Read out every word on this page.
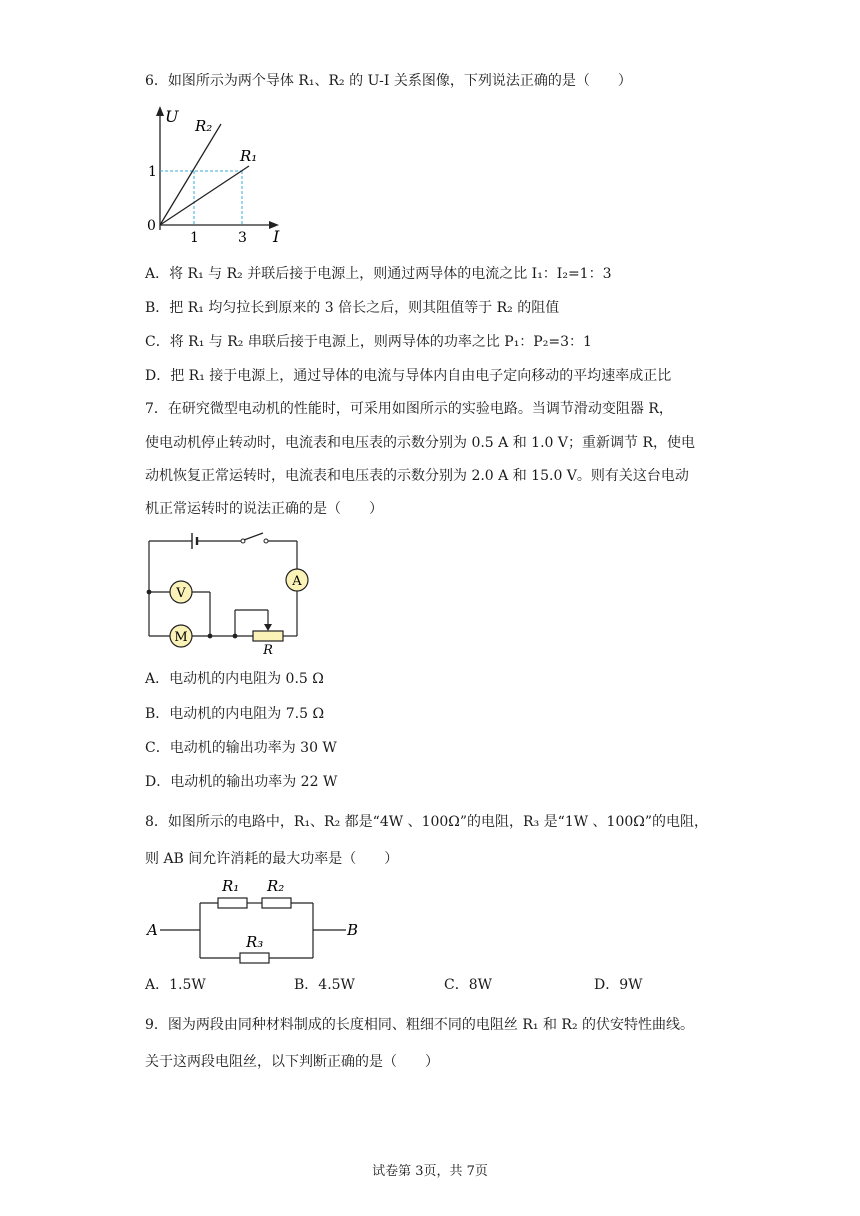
6．如图所示为两个导体 R₁、R₂ 的 U-I 关系图像，下列说法正确的是（　　）
U
I
0
1
1	3
R₂
R₁
A．将 R₁ 与 R₂ 并联后接于电源上，则通过两导体的电流之比 I₁：I₂=1：3
B．把 R₁ 均匀拉长到原来的 3 倍长之后，则其阻值等于 R₂ 的阻值
C．将 R₁ 与 R₂ 串联后接于电源上，则两导体的功率之比 P₁：P₂=3：1
D．把 R₁ 接于电源上，通过导体的电流与导体内自由电子定向移动的平均速率成正比
7．在研究微型电动机的性能时，可采用如图所示的实验电路。当调节滑动变阻器 R，
使电动机停止转动时，电流表和电压表的示数分别为 0.5 A 和 1.0 V；重新调节 R，使电
动机恢复正常运转时，电流表和电压表的示数分别为 2.0 A 和 15.0 V。则有关这台电动
机正常运转时的说法正确的是（　　）
A
V
M
R
A．电动机的内电阻为 0.5 Ω
B．电动机的内电阻为 7.5 Ω
C．电动机的输出功率为 30 W
D．电动机的输出功率为 22 W
8．如图所示的电路中，R₁、R₂ 都是“4W 、100Ω”的电阻，R₃ 是“1W 、100Ω”的电阻，
则 AB 间允许消耗的最大功率是（　　）
A
R₁ R₂
R₃
B
A．1.5W	B．4.5W	C．8W	D．9W
9．图为两段由同种材料制成的长度相同、粗细不同的电阻丝 R₁ 和 R₂ 的伏安特性曲线。
关于这两段电阻丝，以下判断正确的是（　　）
试卷第 3页，共 7页
